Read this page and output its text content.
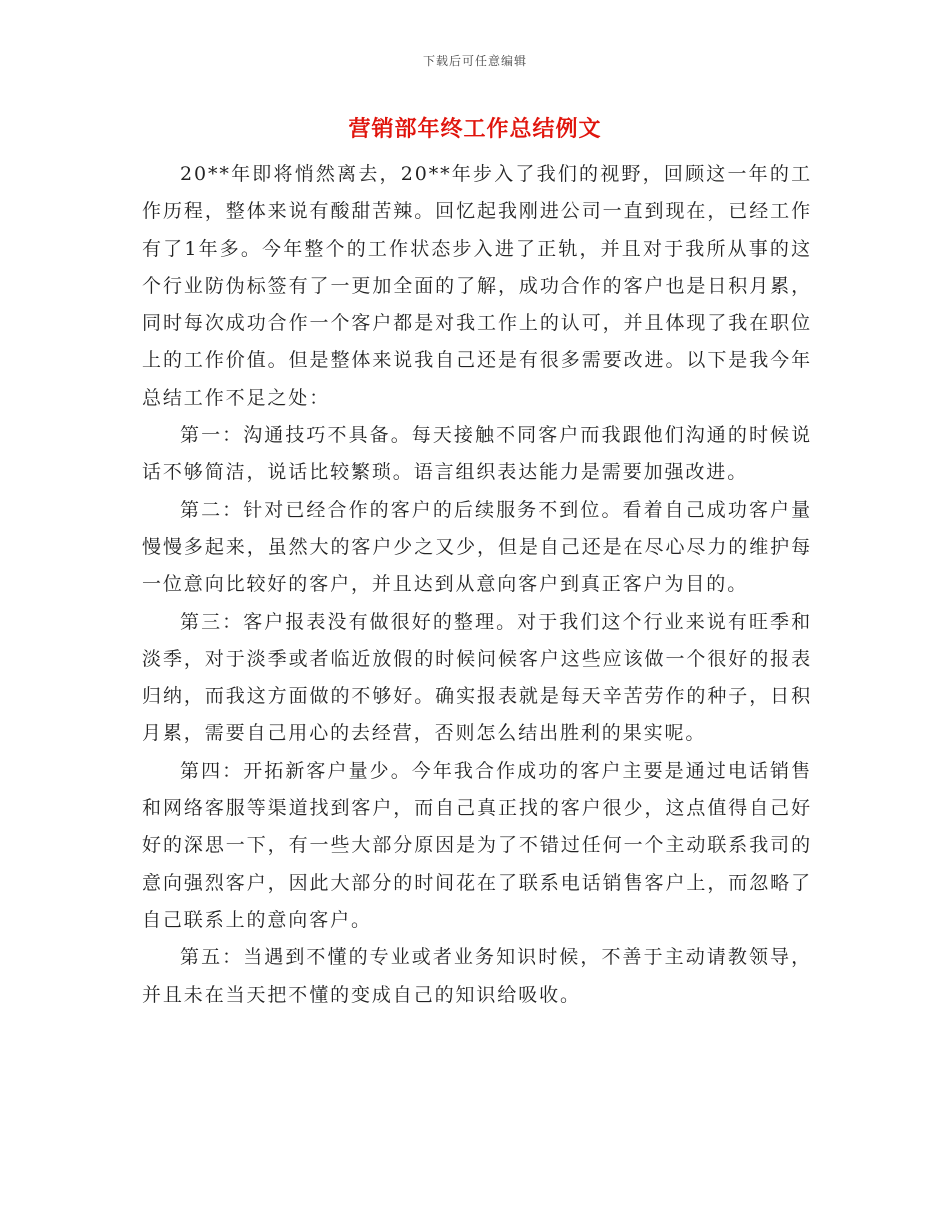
下载后可任意编辑
营销部年终工作总结例文

20**年即将悄然离去，20**年步入了我们的视野，回顾这一年的工作历程，整体来说有酸甜苦辣。回忆起我刚进公司一直到现在，已经工作有了1年多。今年整个的工作状态步入进了正轨，并且对于我所从事的这个行业防伪标签有了一更加全面的了解，成功合作的客户也是日积月累，同时每次成功合作一个客户都是对我工作上的认可，并且体现了我在职位上的工作价值。但是整体来说我自己还是有很多需要改进。以下是我今年总结工作不足之处：

第一：沟通技巧不具备。每天接触不同客户而我跟他们沟通的时候说话不够简洁，说话比较繁琐。语言组织表达能力是需要加强改进。

第二：针对已经合作的客户的后续服务不到位。看着自己成功客户量慢慢多起来，虽然大的客户少之又少，但是自己还是在尽心尽力的维护每一位意向比较好的客户，并且达到从意向客户到真正客户为目的。

第三：客户报表没有做很好的整理。对于我们这个行业来说有旺季和淡季，对于淡季或者临近放假的时候问候客户这些应该做一个很好的报表归纳，而我这方面做的不够好。确实报表就是每天辛苦劳作的种子，日积月累，需要自己用心的去经营，否则怎么结出胜利的果实呢。

第四：开拓新客户量少。今年我合作成功的客户主要是通过电话销售和网络客服等渠道找到客户，而自己真正找的客户很少，这点值得自己好好的深思一下，有一些大部分原因是为了不错过任何一个主动联系我司的意向强烈客户，因此大部分的时间花在了联系电话销售客户上，而忽略了自己联系上的意向客户。

第五：当遇到不懂的专业或者业务知识时候，不善于主动请教领导，并且未在当天把不懂的变成自己的知识给吸收。
